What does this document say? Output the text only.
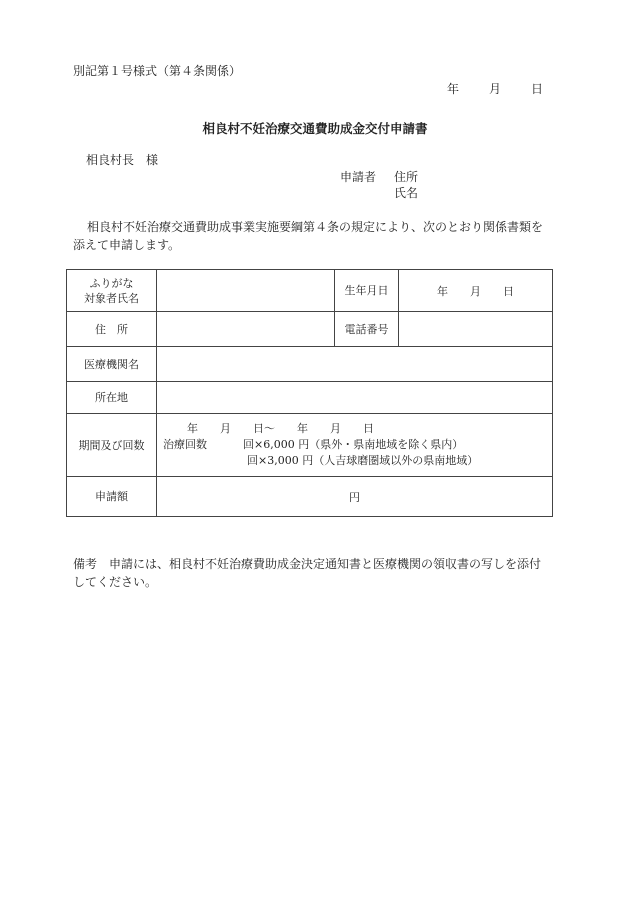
別記第１号様式（第４条関係）
年	月	日
相良村不妊治療交通費助成金交付申請書
相良村長　様
申請者 住所
氏名
相良村不妊治療交通費助成事業実施要綱第４条の規定により、次のとおり関係書類を添えて申請します。
ふりがな
対象者氏名		生年月日	年　　月　　日
住　所		電話番号	
医療機関名			
所在地			
期間及び回数	年　　月　　日～　　年　　月　　日
治療回数 回×6,000 円（県外・県南地域を除く県内）
回×3,000 円（人吉球磨圏域以外の県南地域）		

申請額	円		
備考 申請には、相良村不妊治療費助成金決定通知書と医療機関の領収書の写しを添付してください。
